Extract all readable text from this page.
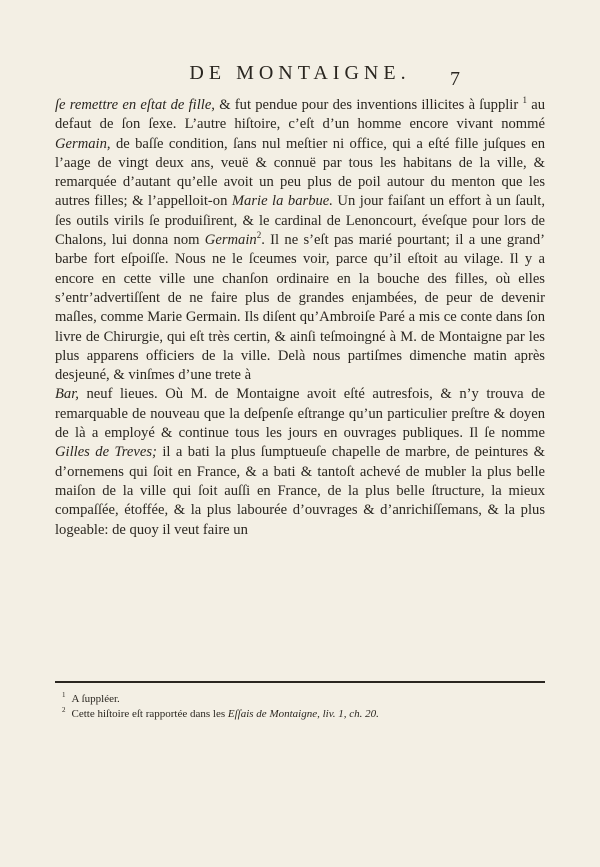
DE MONTAIGNE.	7

ſe remettre en eſtat de fille, & fut pendue pour des inventions illicites à ſupplir $^1$ au defaut de ſon ſexe. L’autre hiſtoire, c’eſt d’un homme encore vivant nommé Germain, de baſſe condition, ſans nul meſtier ni office, qui a eſté fille juſques en l’aage de vingt deux ans, veuë & connuë par tous les habitans de la ville, & remarquée d’autant qu’elle avoit un peu plus de poil autour du menton que les autres filles; & l’appelloit-on Marie la barbue. Un jour faiſant un effort à un ſault, ſes outils virils ſe produiſirent, & le cardinal de Lenoncourt, éveſque pour lors de Chalons, lui donna nom Germain$^2$. Il ne s’eſt pas marié pourtant; il a une grand’ barbe fort eſpoiſſe. Nous ne le ſceumes voir, parce qu’il eſtoit au vilage. Il y a encore en cette ville une chanſon ordinaire en la bouche des filles, où elles s’entr’advertiſſent de ne faire plus de grandes enjambées, de peur de devenir maſles, comme Marie Germain. Ils diſent qu’Ambroiſe Paré a mis ce conte dans ſon livre de Chirurgie, qui eſt très certin, & ainſi teſmoingné à M. de Montaigne par les plus apparens officiers de la ville. Delà nous partiſmes dimenche matin après desjeuné, & vinſmes d’une trete à

Bar, neuf lieues. Où M. de Montaigne avoit eſté autresfois, & n’y trouva de remarquable de nouveau que la deſpenſe eſtrange qu’un particulier preſtre & doyen de là a employé & continue tous les jours en ouvrages publiques. Il ſe nomme Gilles de Treves; il a bati la plus ſumptueuſe chapelle de marbre, de peintures & d’ornemens qui ſoit en France, & a bati & tantoſt achevé de mubler la plus belle maiſon de la ville qui ſoit auſſi en France, de la plus belle ſtructure, la mieux compaſſée, étoffée, & la plus labourée d’ouvrages & d’anrichiſſemans, & la plus logeable: de quoy il veut faire un

$^1$ A ſuppléer.

$^2$ Cette hiſtoire eſt rapportée dans les Eſſais de Montaigne, liv. 1, ch. 20.
